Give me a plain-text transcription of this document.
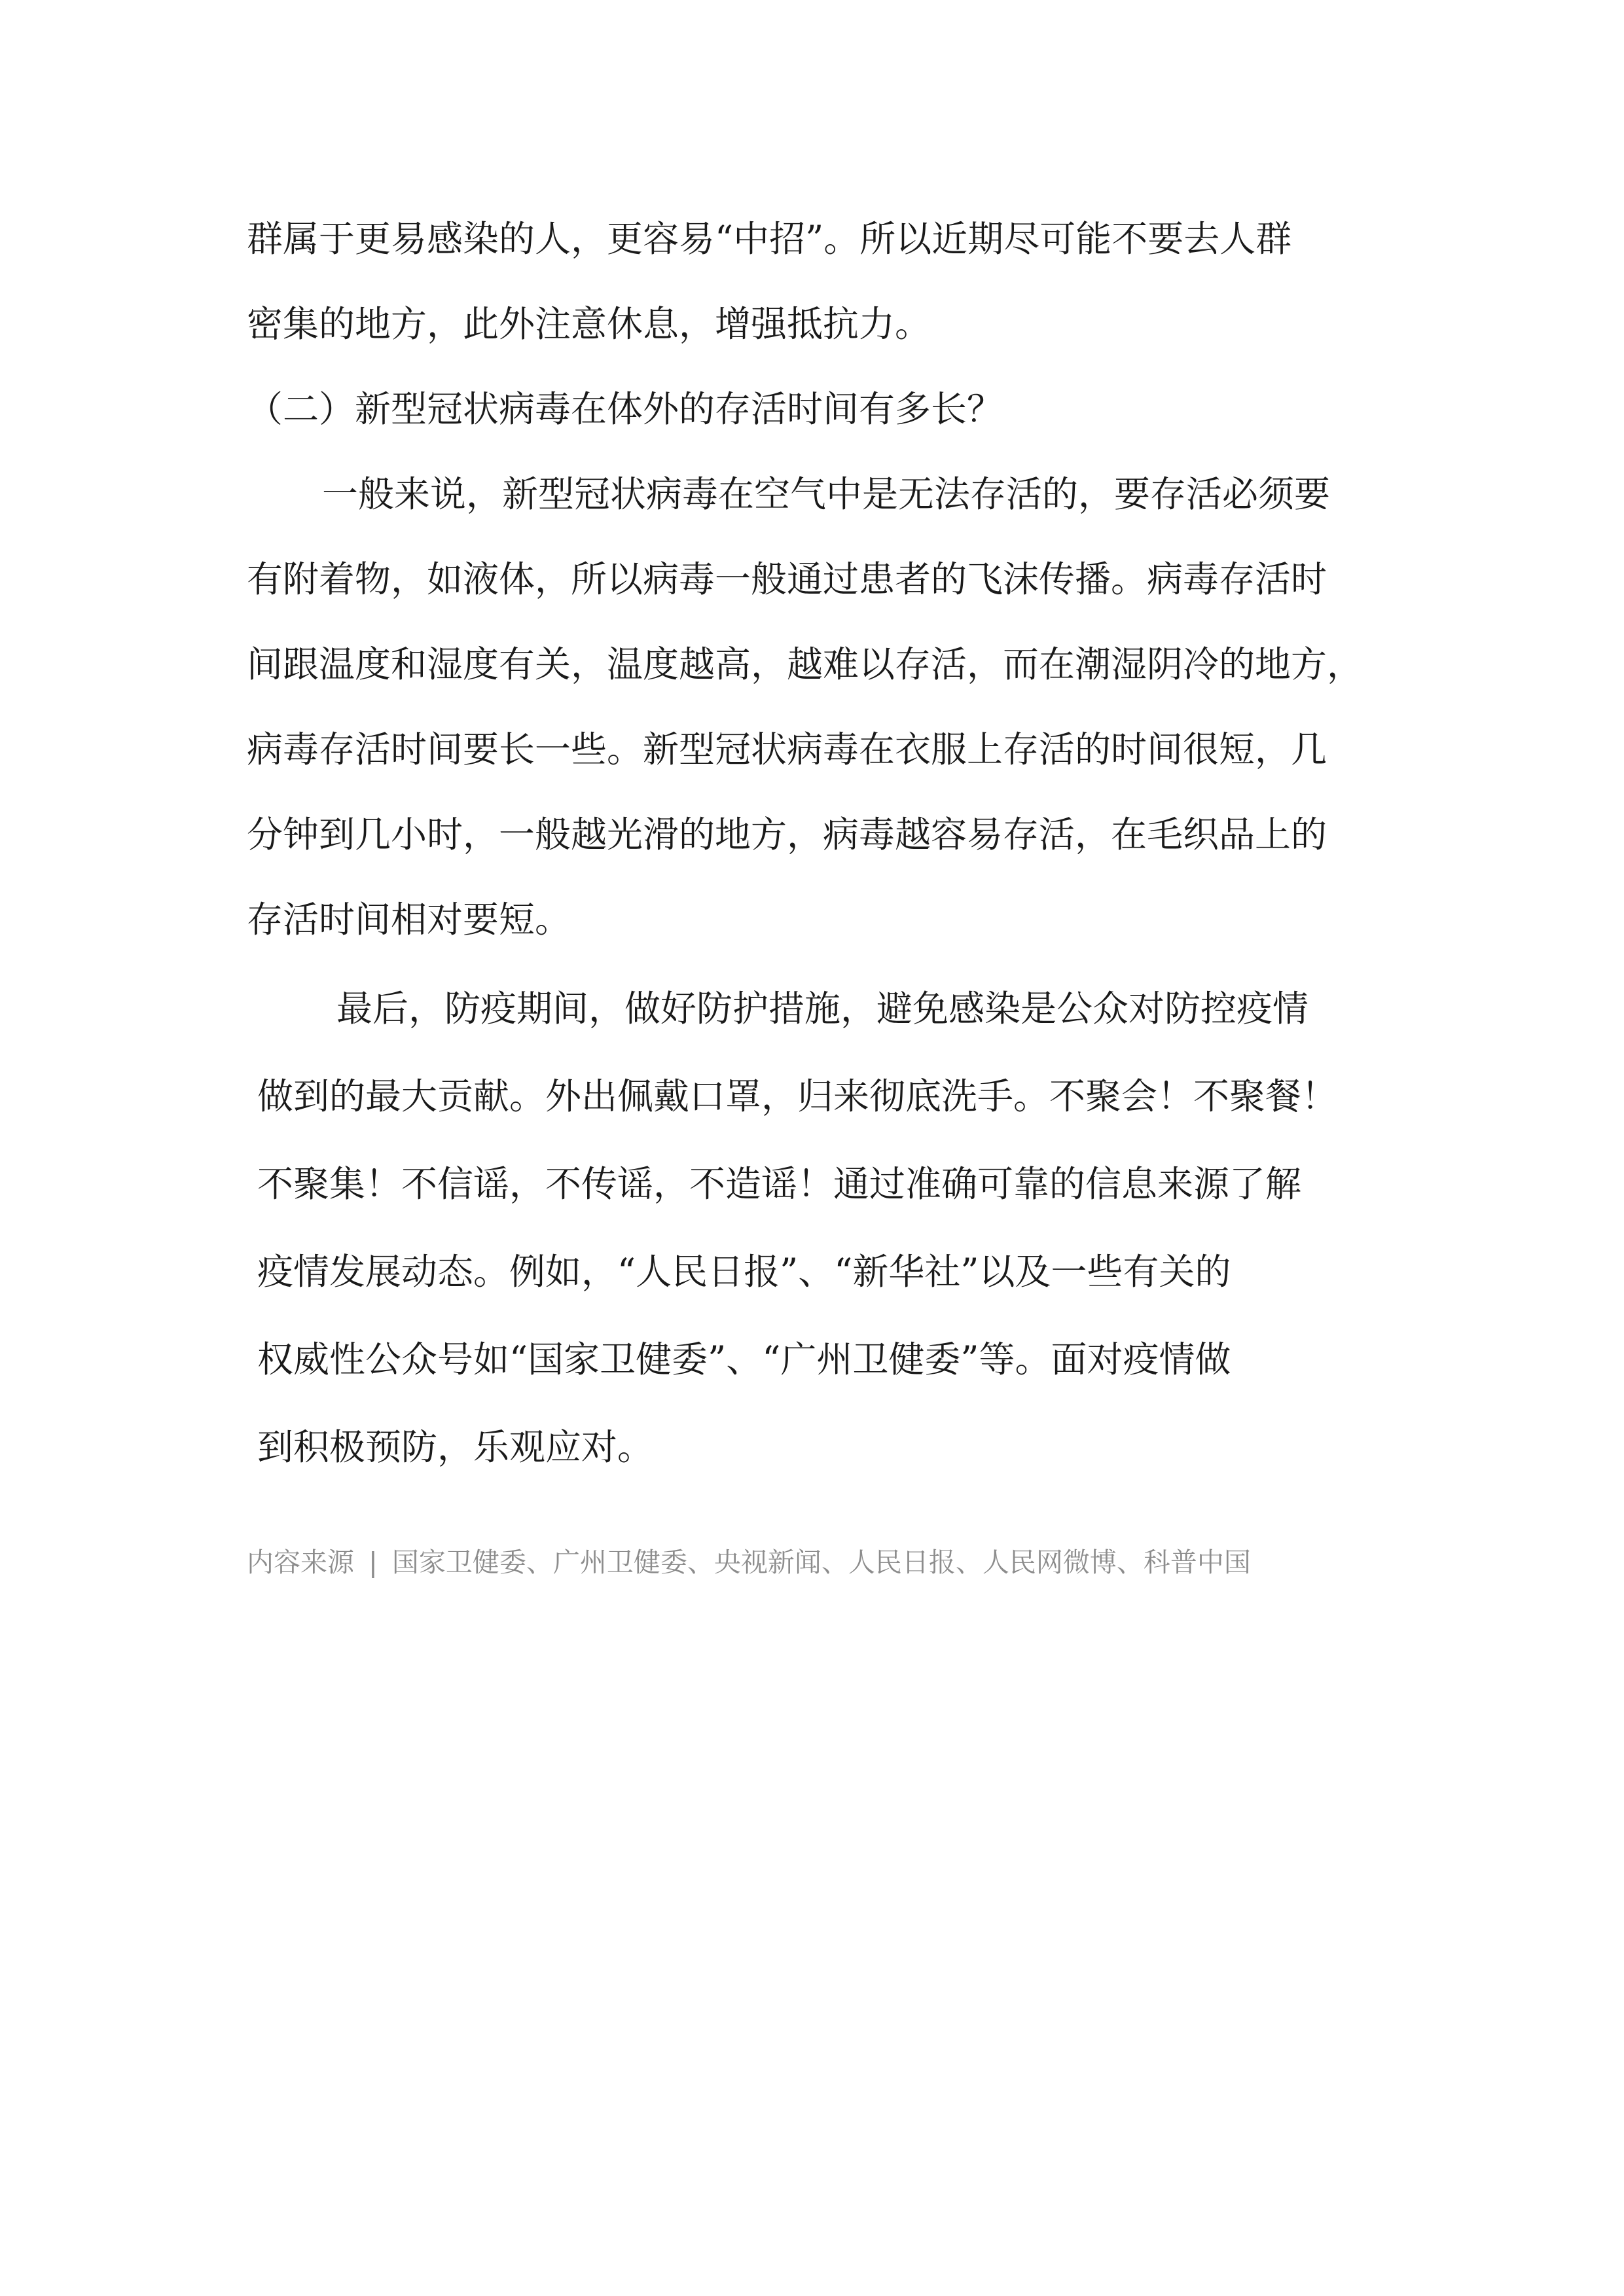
群属于更易感染的人，更容易“中招”。所以近期尽可能不要去人群

密集的地方，此外注意休息，增强抵抗力。

（二）新型冠状病毒在体外的存活时间有多长？

一般来说，新型冠状病毒在空气中是无法存活的，要存活必须要

有附着物，如液体，所以病毒一般通过患者的飞沫传播。病毒存活时

间跟温度和湿度有关，温度越高，越难以存活，而在潮湿阴冷的地方，

病毒存活时间要长一些。新型冠状病毒在衣服上存活的时间很短，几

分钟到几小时，一般越光滑的地方，病毒越容易存活，在毛织品上的

存活时间相对要短。

最后，防疫期间，做好防护措施，避免感染是公众对防控疫情

做到的最大贡献。外出佩戴口罩，归来彻底洗手。不聚会！不聚餐！

不聚集！不信谣，不传谣，不造谣！通过准确可靠的信息来源了解

疫情发展动态。例如，“人民日报”、“新华社”以及一些有关的

权威性公众号如“国家卫健委”、“广州卫健委”等。面对疫情做

到积极预防，乐观应对。

内容来源 | 国家卫健委、广州卫健委、央视新闻、人民日报、人民网微博、科普中国
